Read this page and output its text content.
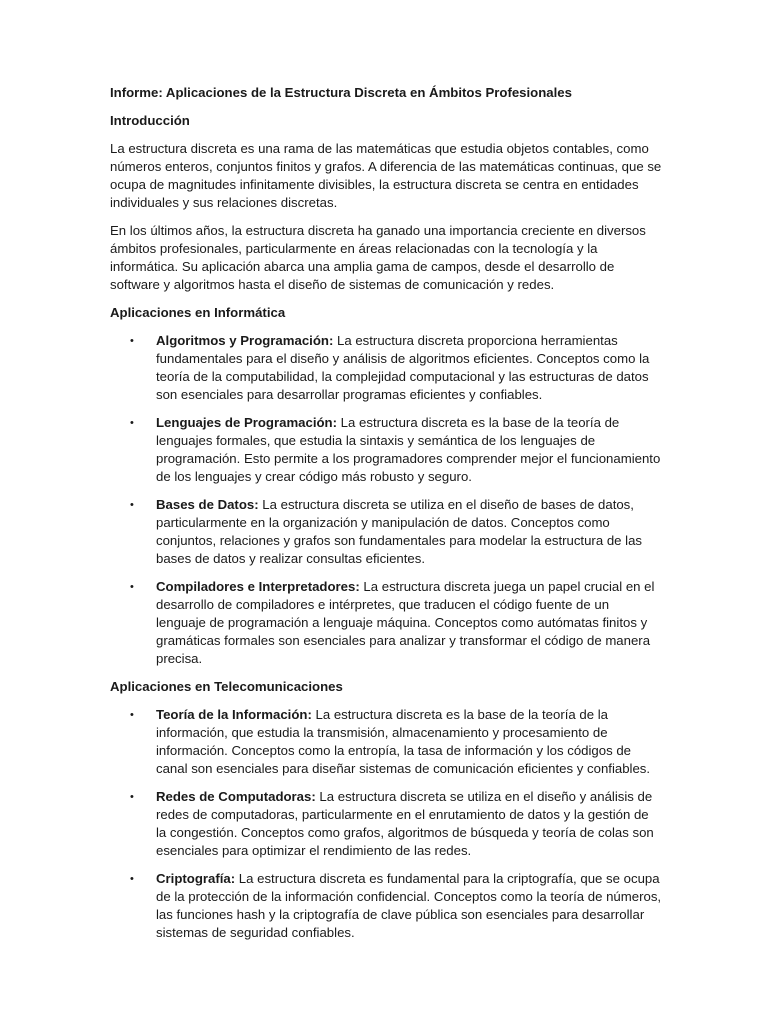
Informe: Aplicaciones de la Estructura Discreta en Ámbitos Profesionales
Introducción

La estructura discreta es una rama de las matemáticas que estudia objetos contables, como números enteros, conjuntos finitos y grafos. A diferencia de las matemáticas continuas, que se ocupa de magnitudes infinitamente divisibles, la estructura discreta se centra en entidades individuales y sus relaciones discretas.

En los últimos años, la estructura discreta ha ganado una importancia creciente en diversos ámbitos profesionales, particularmente en áreas relacionadas con la tecnología y la informática. Su aplicación abarca una amplia gama de campos, desde el desarrollo de software y algoritmos hasta el diseño de sistemas de comunicación y redes.

Aplicaciones en Informática
• Algoritmos y Programación: La estructura discreta proporciona herramientas fundamentales para el diseño y análisis de algoritmos eficientes. Conceptos como la teoría de la computabilidad, la complejidad computacional y las estructuras de datos son esenciales para desarrollar programas eficientes y confiables.
• Lenguajes de Programación: La estructura discreta es la base de la teoría de lenguajes formales, que estudia la sintaxis y semántica de los lenguajes de programación. Esto permite a los programadores comprender mejor el funcionamiento de los lenguajes y crear código más robusto y seguro.
• Bases de Datos: La estructura discreta se utiliza en el diseño de bases de datos, particularmente en la organización y manipulación de datos. Conceptos como conjuntos, relaciones y grafos son fundamentales para modelar la estructura de las bases de datos y realizar consultas eficientes.
• Compiladores e Interpretadores: La estructura discreta juega un papel crucial en el desarrollo de compiladores e intérpretes, que traducen el código fuente de un lenguaje de programación a lenguaje máquina. Conceptos como autómatas finitos y gramáticas formales son esenciales para analizar y transformar el código de manera precisa.
Aplicaciones en Telecomunicaciones
• Teoría de la Información: La estructura discreta es la base de la teoría de la información, que estudia la transmisión, almacenamiento y procesamiento de información. Conceptos como la entropía, la tasa de información y los códigos de canal son esenciales para diseñar sistemas de comunicación eficientes y confiables.
• Redes de Computadoras: La estructura discreta se utiliza en el diseño y análisis de redes de computadoras, particularmente en el enrutamiento de datos y la gestión de la congestión. Conceptos como grafos, algoritmos de búsqueda y teoría de colas son esenciales para optimizar el rendimiento de las redes.
• Criptografía: La estructura discreta es fundamental para la criptografía, que se ocupa de la protección de la información confidencial. Conceptos como la teoría de números, las funciones hash y la criptografía de clave pública son esenciales para desarrollar sistemas de seguridad confiables.
